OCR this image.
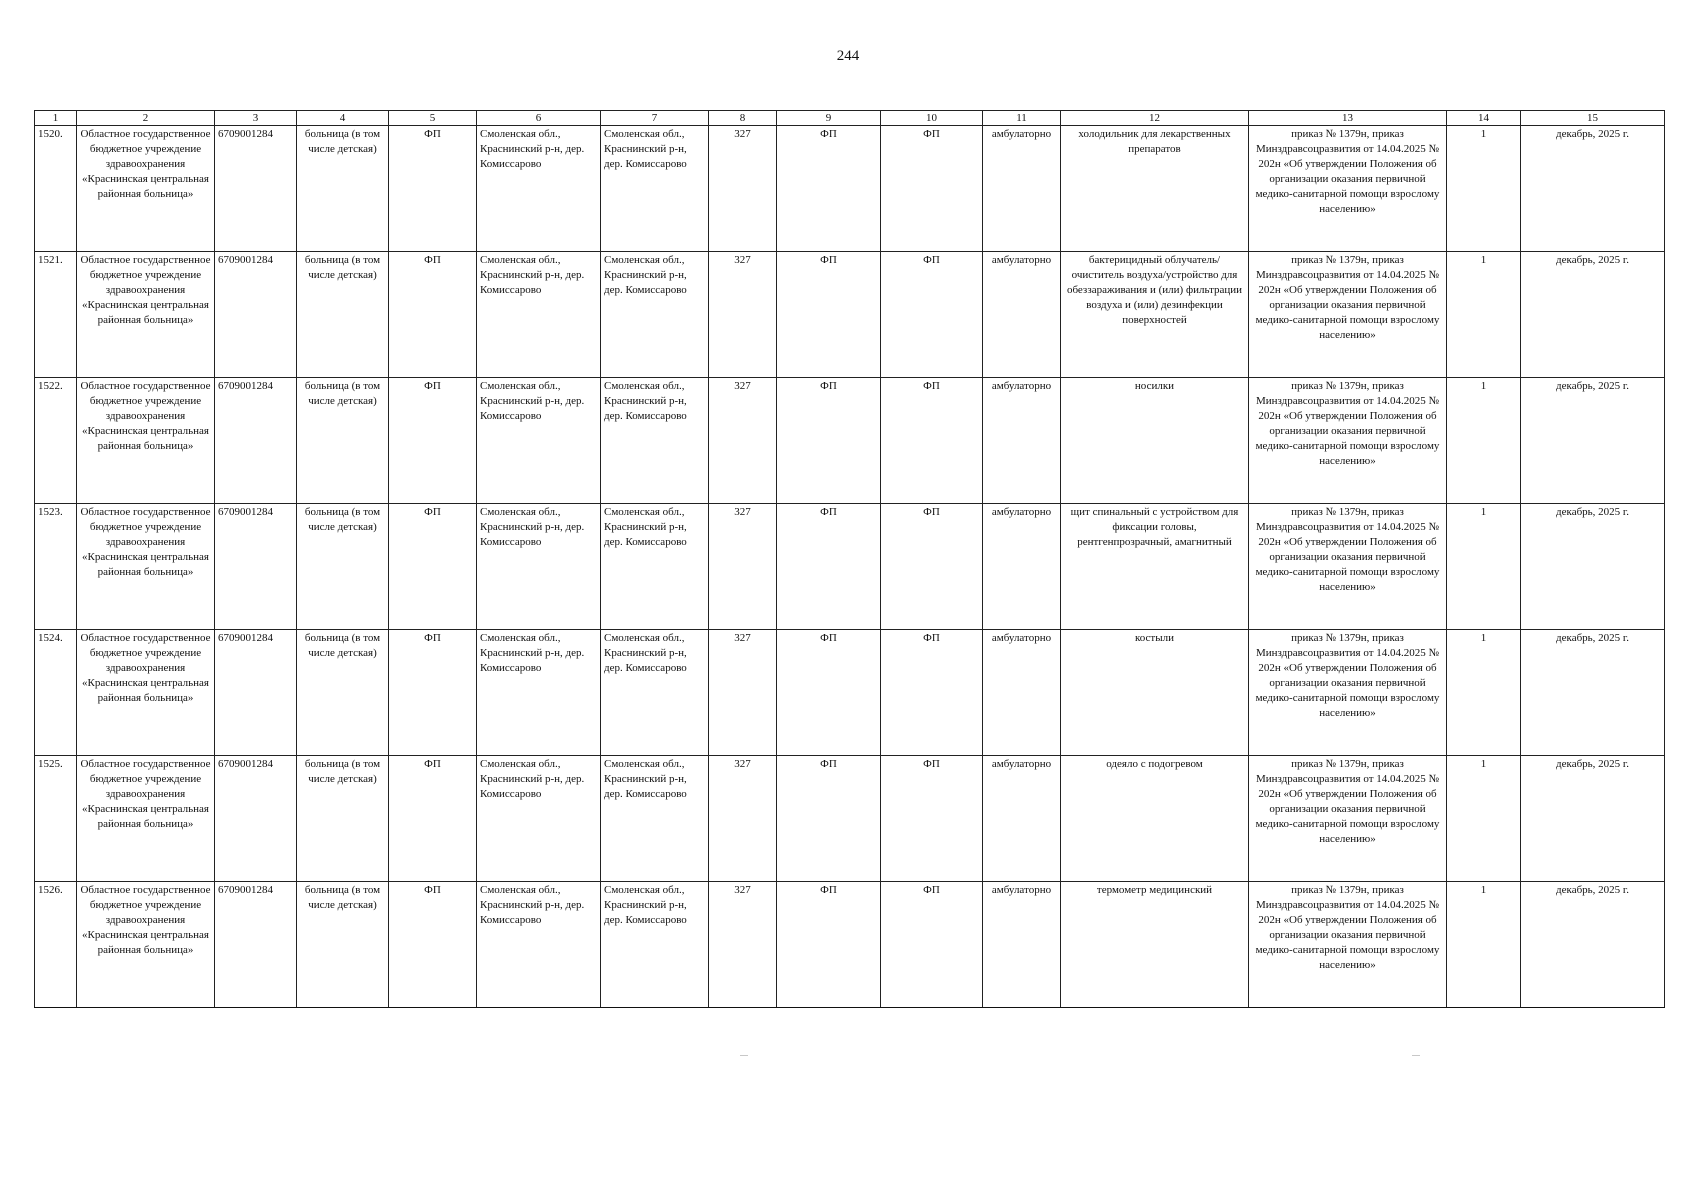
244
1	2	3	4	5	6	7	8	9	10	11	12	13	14	15
1520.	Областное государственное бюджетное учреждение здравоохранения «Краснинская центральная районная больница»	6709001284	больница (в том числе детская)	ФП	Смоленская обл., Краснинский р-н, дер. Комиссарово	Смоленская обл., Краснинский р-н, дер. Комиссарово	327	ФП	ФП	амбулаторно	холодильник для лекарственных препаратов	приказ № 1379н, приказ Минздравсоцразвития от 14.04.2025 № 202н «Об утверждении Положения об организации оказания первичной медико-санитарной помощи взрослому населению»	1	декабрь, 2025 г.
1521.	Областное государственное бюджетное учреждение здравоохранения «Краснинская центральная районная больница»	6709001284	больница (в том числе детская)	ФП	Смоленская обл., Краснинский р-н, дер. Комиссарово	Смоленская обл., Краснинский р-н, дер. Комиссарово	327	ФП	ФП	амбулаторно	бактерицидный облучатель/очиститель воздуха/устройство для обеззараживания и (или) фильтрации воздуха и (или) дезинфекции поверхностей	приказ № 1379н, приказ Минздравсоцразвития от 14.04.2025 № 202н «Об утверждении Положения об организации оказания первичной медико-санитарной помощи взрослому населению»	1	декабрь, 2025 г.
1522.	Областное государственное бюджетное учреждение здравоохранения «Краснинская центральная районная больница»	6709001284	больница (в том числе детская)	ФП	Смоленская обл., Краснинский р-н, дер. Комиссарово	Смоленская обл., Краснинский р-н, дер. Комиссарово	327	ФП	ФП	амбулаторно	носилки	приказ № 1379н, приказ Минздравсоцразвития от 14.04.2025 № 202н «Об утверждении Положения об организации оказания первичной медико-санитарной помощи взрослому населению»	1	декабрь, 2025 г.
1523.	Областное государственное бюджетное учреждение здравоохранения «Краснинская центральная районная больница»	6709001284	больница (в том числе детская)	ФП	Смоленская обл., Краснинский р-н, дер. Комиссарово	Смоленская обл., Краснинский р-н, дер. Комиссарово	327	ФП	ФП	амбулаторно	щит спинальный с устройством для фиксации головы, рентгенпрозрачный, амагнитный	приказ № 1379н, приказ Минздравсоцразвития от 14.04.2025 № 202н «Об утверждении Положения об организации оказания первичной медико-санитарной помощи взрослому населению»	1	декабрь, 2025 г.
1524.	Областное государственное бюджетное учреждение здравоохранения «Краснинская центральная районная больница»	6709001284	больница (в том числе детская)	ФП	Смоленская обл., Краснинский р-н, дер. Комиссарово	Смоленская обл., Краснинский р-н, дер. Комиссарово	327	ФП	ФП	амбулаторно	костыли	приказ № 1379н, приказ Минздравсоцразвития от 14.04.2025 № 202н «Об утверждении Положения об организации оказания первичной медико-санитарной помощи взрослому населению»	1	декабрь, 2025 г.
1525.	Областное государственное бюджетное учреждение здравоохранения «Краснинская центральная районная больница»	6709001284	больница (в том числе детская)	ФП	Смоленская обл., Краснинский р-н, дер. Комиссарово	Смоленская обл., Краснинский р-н, дер. Комиссарово	327	ФП	ФП	амбулаторно	одеяло с подогревом	приказ № 1379н, приказ Минздравсоцразвития от 14.04.2025 № 202н «Об утверждении Положения об организации оказания первичной медико-санитарной помощи взрослому населению»	1	декабрь, 2025 г.
1526.	Областное государственное бюджетное учреждение здравоохранения «Краснинская центральная районная больница»	6709001284	больница (в том числе детская)	ФП	Смоленская обл., Краснинский р-н, дер. Комиссарово	Смоленская обл., Краснинский р-н, дер. Комиссарово	327	ФП	ФП	амбулаторно	термометр медицинский	приказ № 1379н, приказ Минздравсоцразвития от 14.04.2025 № 202н «Об утверждении Положения об организации оказания первичной медико-санитарной помощи взрослому населению»	1	декабрь, 2025 г.
